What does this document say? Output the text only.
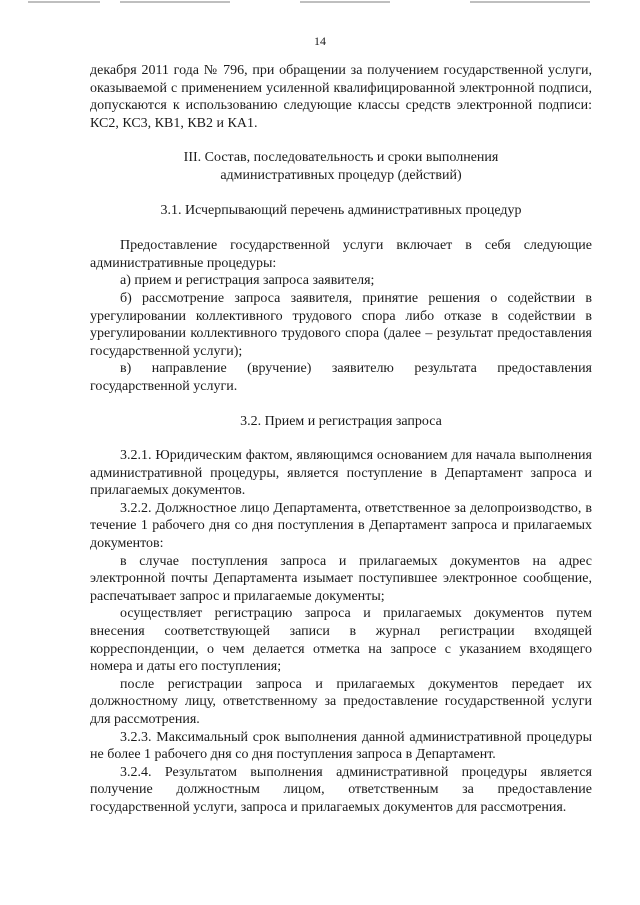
14

декабря 2011 года № 796, при обращении за получением государственной услуги, оказываемой с применением усиленной квалифицированной электронной подписи, допускаются к использованию следующие классы средств электронной подписи: КС2, КС3, КВ1, КВ2 и КА1.

III. Состав, последовательность и сроки выполнения
административных процедур (действий)

3.1. Исчерпывающий перечень административных процедур

Предоставление государственной услуги включает в себя следующие административные процедуры:

а) прием и регистрация запроса заявителя;

б) рассмотрение запроса заявителя, принятие решения о содействии в урегулировании коллективного трудового спора либо отказе в содействии в урегулировании коллективного трудового спора (далее – результат предоставления государственной услуги);

в) направление (вручение) заявителю результата предоставления государственной услуги.

3.2. Прием и регистрация запроса

3.2.1. Юридическим фактом, являющимся основанием для начала выполнения административной процедуры, является поступление в Департамент запроса и прилагаемых документов.

3.2.2. Должностное лицо Департамента, ответственное за делопроизводство, в течение 1 рабочего дня со дня поступления в Департамент запроса и прилагаемых документов:

в случае поступления запроса и прилагаемых документов на адрес электронной почты Департамента изымает поступившее электронное сообщение, распечатывает запрос и прилагаемые документы;

осуществляет регистрацию запроса и прилагаемых документов путем внесения соответствующей записи в журнал регистрации входящей корреспонденции, о чем делается отметка на запросе с указанием входящего номера и даты его поступления;

после регистрации запроса и прилагаемых документов передает их должностному лицу, ответственному за предоставление государственной услуги для рассмотрения.

3.2.3. Максимальный срок выполнения данной административной процедуры не более 1 рабочего дня со дня поступления запроса в Департамент.

3.2.4. Результатом выполнения административной процедуры является получение должностным лицом, ответственным за предоставление государственной услуги, запроса и прилагаемых документов для рассмотрения.
